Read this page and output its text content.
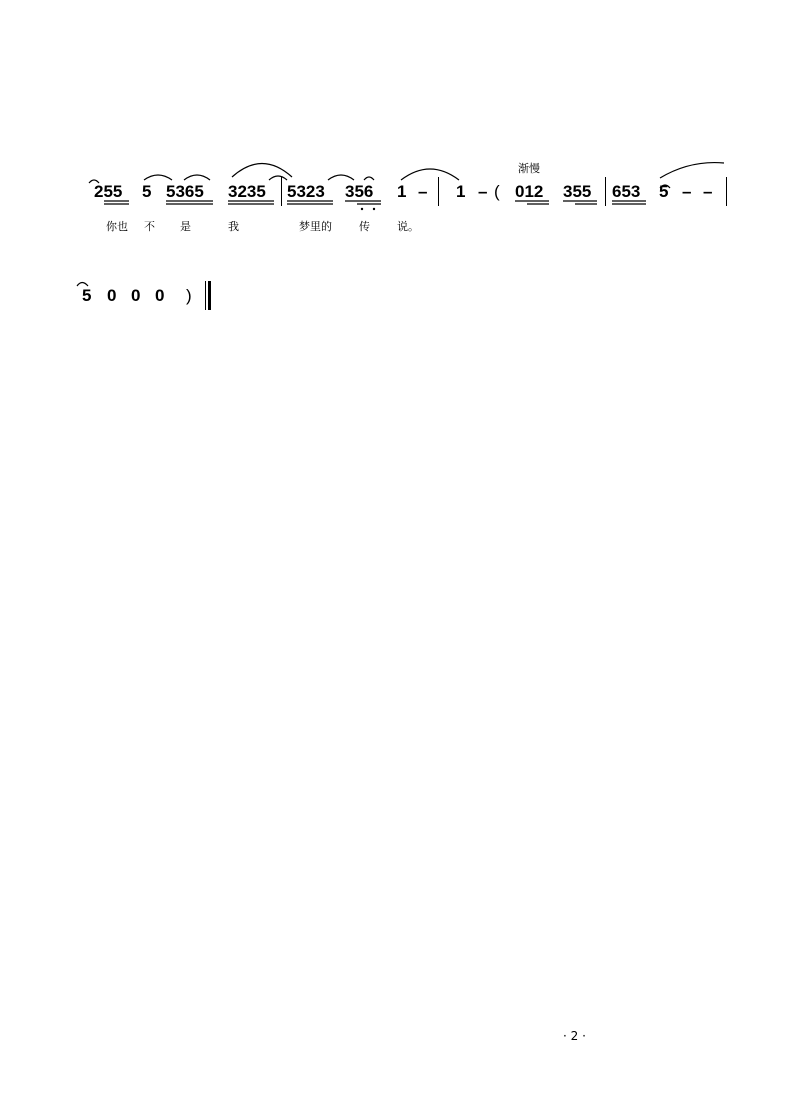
渐慢
255 5 5365 3235 5323 356 1 – 1 – ( 012 355 653 5 – –
你也 不 是	我	梦里的 传 说。
5 0 0 0 )
· 2 ·
